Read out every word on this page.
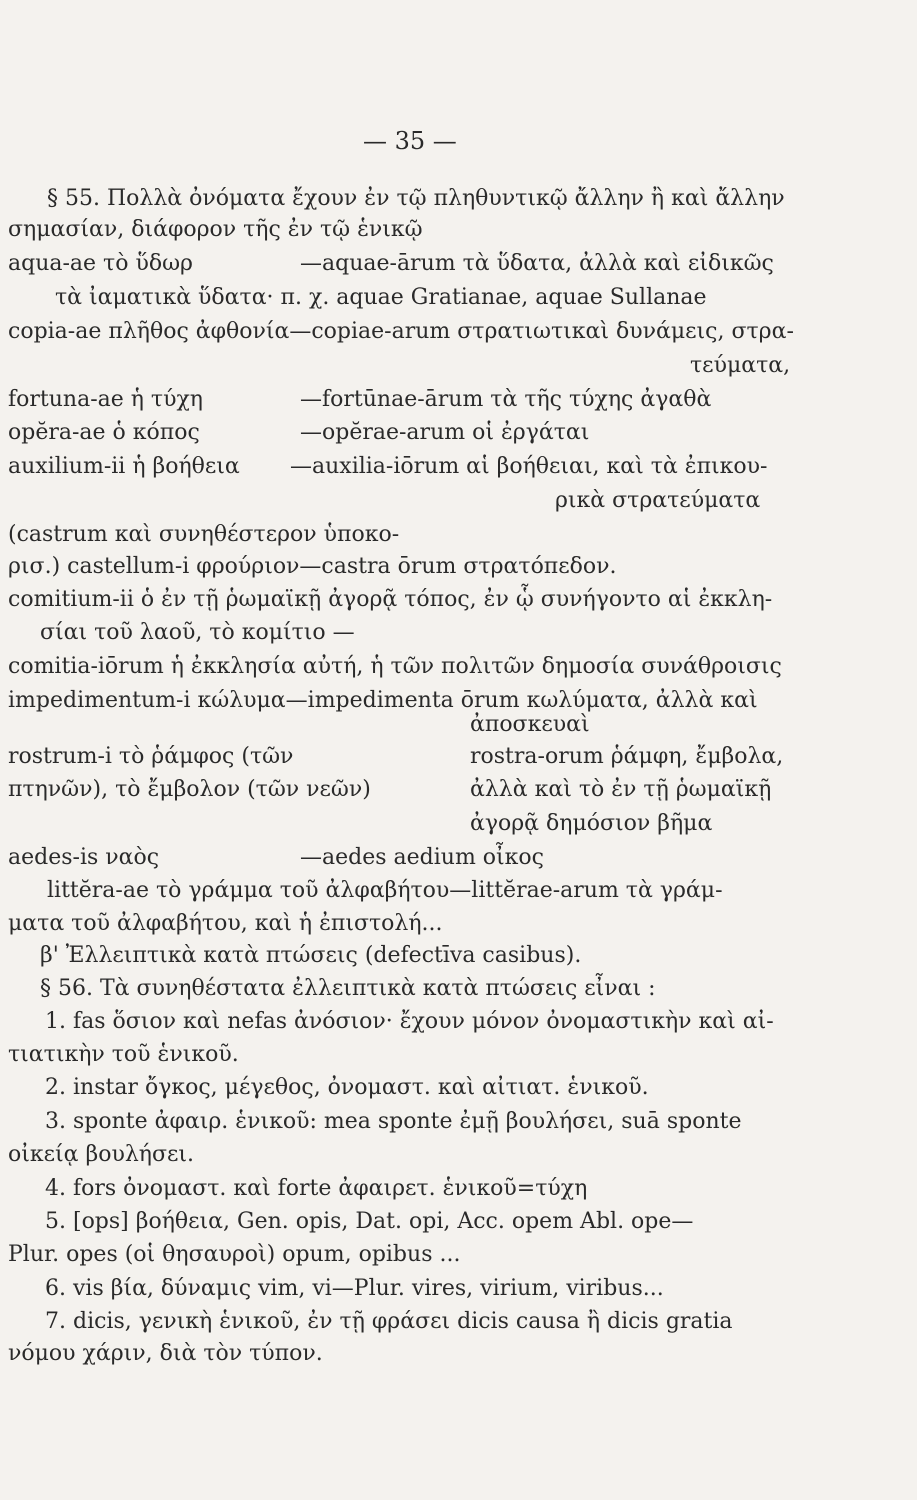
— 35 —
§ 55. Πολλὰ ὀνόματα ἔχουν ἐν τῷ πληθυντικῷ ἄλλην ἢ καὶ ἄλλην
σημασίαν, διάφορον τῆς ἐν τῷ ἑνικῷ
aqua-ae τὸ ὕδωρ	—aquae-ārum τὰ ὕδατα, ἀλλὰ καὶ εἰδικῶς
τὰ ἰαματικὰ ὕδατα· π. χ. aquae Gratianae, aquae Sullanae
copia-ae πλῆθος ἀφθονία—copiae-arum στρατιωτικαὶ δυνάμεις, στρα-
τεύματα,
fortuna-ae ἡ τύχη	—fortūnae-ārum τὰ τῆς τύχης ἀγαθὰ
opĕra-ae ὁ κόπος	—opĕrae-arum οἱ ἐργάται
auxilium-ii ἡ βοήθεια —auxilia-iōrum αἱ βοήθειαι, καὶ τὰ ἐπικου-
ρικὰ στρατεύματα
(castrum καὶ συνηθέστερον ὑποκο-
ρισ.) castellum-i φρούριον—castra ōrum στρατόπεδον.
comitium-ii ὁ ἐν τῇ ῥωμαϊκῇ ἀγορᾷ τόπος, ἐν ᾧ συνήγοντο αἱ ἐκκλη-
σίαι τοῦ λαοῦ, τὸ κομίτιο —
comitia-iōrum ἡ ἐκκλησία αὐτή, ἡ τῶν πολιτῶν δημοσία συνάθροισις
impedimentum-i κώλυμα—impedimenta ōrum κωλύματα, ἀλλὰ καὶ
ἀποσκευαὶ
rostrum-i τὸ ῥάμφος (τῶν	rostra-orum ῥάμφη, ἔμβολα,
πτηνῶν), τὸ ἔμβολον (τῶν νεῶν)	ἀλλὰ καὶ τὸ ἐν τῇ ῥωμαϊκῇ
ἀγορᾷ δημόσιον βῆμα
aedes-is ναὸς	—aedes aedium οἶκος
littĕra-ae τὸ γράμμα τοῦ ἀλφαβήτου—littĕrae-arum τὰ γράμ-
ματα τοῦ ἀλφαβήτου, καὶ ἡ ἐπιστολή...
β' Ἐλλειπτικὰ κατὰ πτώσεις (defectīva casibus).
§ 56. Τὰ συνηθέστατα ἐλλειπτικὰ κατὰ πτώσεις εἶναι :
1. fas ὅσιον καὶ nefas ἀνόσιον· ἔχουν μόνον ὀνομαστικὴν καὶ αἰ-
τιατικὴν τοῦ ἑνικοῦ.
2. instar ὄγκος, μέγεθος, ὀνομαστ. καὶ αἰτιατ. ἑνικοῦ.
3. sponte ἀφαιρ. ἑνικοῦ: mea sponte ἐμῇ βουλήσει, suā sponte
οἰκείᾳ βουλήσει.
4. fors ὀνομαστ. καὶ forte ἀφαιρετ. ἑνικοῦ=τύχη
5. [ops] βοήθεια, Gen. opis, Dat. opi, Acc. opem Abl. ope—
Plur. opes (οἱ θησαυροὶ) opum, opibus ...
6. vis βία, δύναμις vim, vi—Plur. vires, virium, viribus...
7. dicis, γενικὴ ἑνικοῦ, ἐν τῇ φράσει dicis causa ἢ dicis gratia
νόμου χάριν, διὰ τὸν τύπον.
